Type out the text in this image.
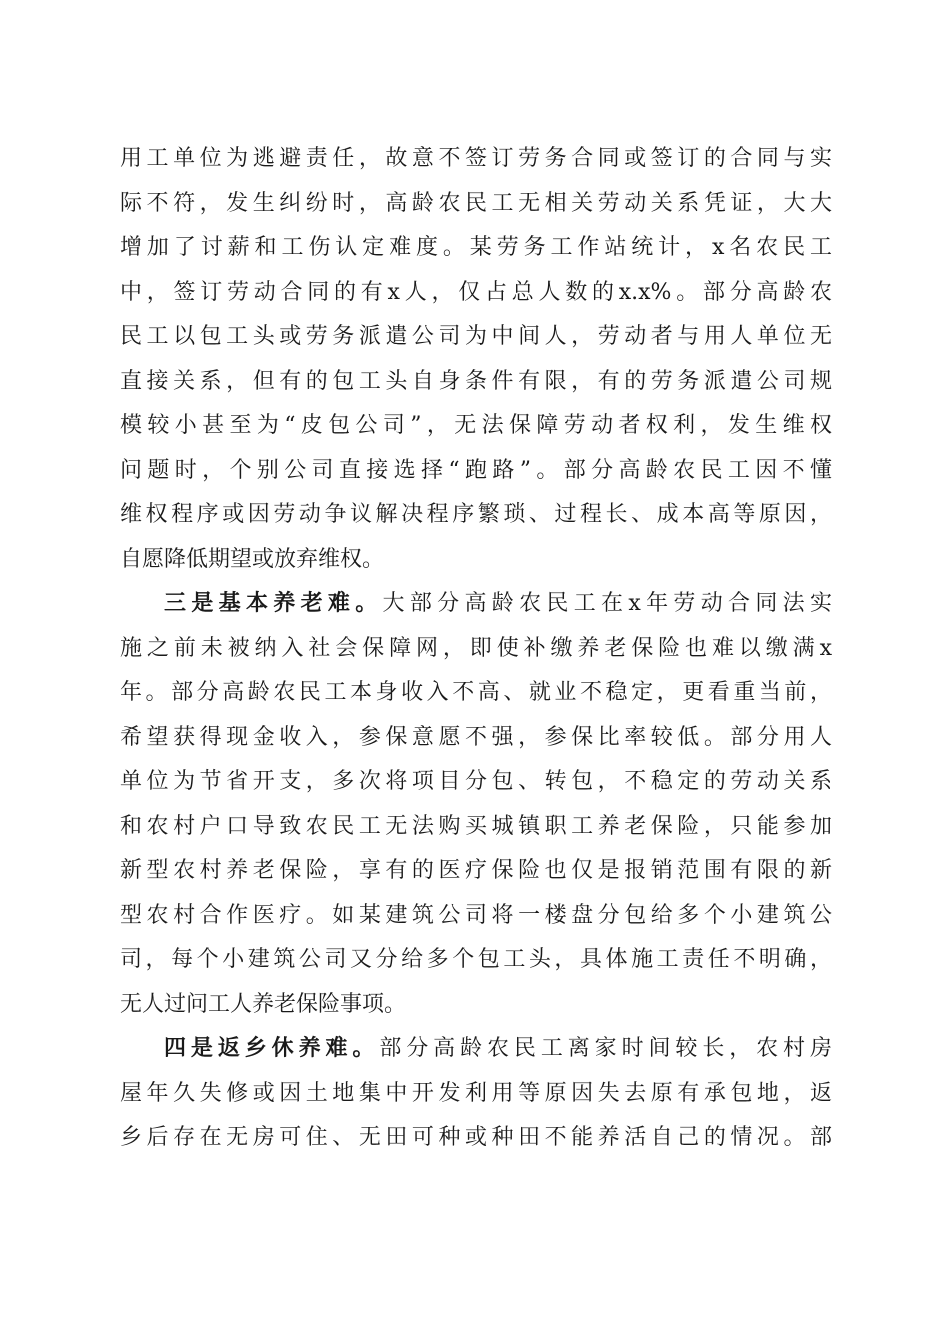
用工单位为逃避责任，故意不签订劳务合同或签订的合同与实
际不符，发生纠纷时，高龄农民工无相关劳动关系凭证，大大
增加了讨薪和工伤认定难度。某劳务工作站统计，x名农民工
中，签订劳动合同的有x人，仅占总人数的x.x%。部分高龄农
民工以包工头或劳务派遣公司为中间人，劳动者与用人单位无
直接关系，但有的包工头自身条件有限，有的劳务派遣公司规
模较小甚至为“皮包公司”，无法保障劳动者权利，发生维权
问题时，个别公司直接选择“跑路”。部分高龄农民工因不懂
维权程序或因劳动争议解决程序繁琐、过程长、成本高等原因，
自愿降低期望或放弃维权。
三是基本养老难。大部分高龄农民工在x年劳动合同法实
施之前未被纳入社会保障网，即使补缴养老保险也难以缴满x
年。部分高龄农民工本身收入不高、就业不稳定，更看重当前，
希望获得现金收入，参保意愿不强，参保比率较低。部分用人
单位为节省开支，多次将项目分包、转包，不稳定的劳动关系
和农村户口导致农民工无法购买城镇职工养老保险，只能参加
新型农村养老保险，享有的医疗保险也仅是报销范围有限的新
型农村合作医疗。如某建筑公司将一楼盘分包给多个小建筑公
司，每个小建筑公司又分给多个包工头，具体施工责任不明确，
无人过问工人养老保险事项。
四是返乡休养难。部分高龄农民工离家时间较长，农村房
屋年久失修或因土地集中开发利用等原因失去原有承包地，返
乡后存在无房可住、无田可种或种田不能养活自己的情况。部
